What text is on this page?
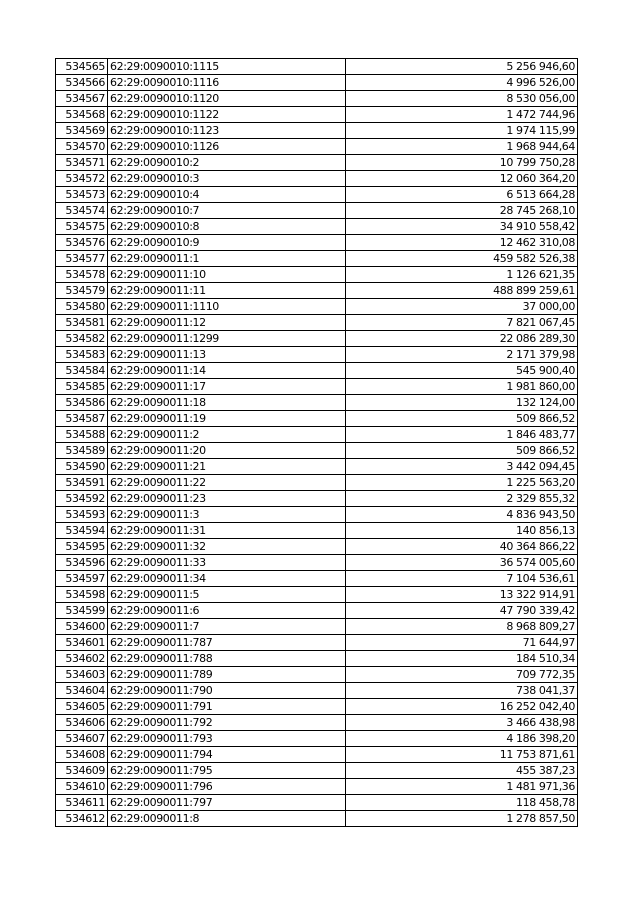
534565	62:29:0090010:1115	5 256 946,60
534566	62:29:0090010:1116	4 996 526,00
534567	62:29:0090010:1120	8 530 056,00
534568	62:29:0090010:1122	1 472 744,96
534569	62:29:0090010:1123	1 974 115,99
534570	62:29:0090010:1126	1 968 944,64
534571	62:29:0090010:2	10 799 750,28
534572	62:29:0090010:3	12 060 364,20
534573	62:29:0090010:4	6 513 664,28
534574	62:29:0090010:7	28 745 268,10
534575	62:29:0090010:8	34 910 558,42
534576	62:29:0090010:9	12 462 310,08
534577	62:29:0090011:1	459 582 526,38
534578	62:29:0090011:10	1 126 621,35
534579	62:29:0090011:11	488 899 259,61
534580	62:29:0090011:1110	37 000,00
534581	62:29:0090011:12	7 821 067,45
534582	62:29:0090011:1299	22 086 289,30
534583	62:29:0090011:13	2 171 379,98
534584	62:29:0090011:14	545 900,40
534585	62:29:0090011:17	1 981 860,00
534586	62:29:0090011:18	132 124,00
534587	62:29:0090011:19	509 866,52
534588	62:29:0090011:2	1 846 483,77
534589	62:29:0090011:20	509 866,52
534590	62:29:0090011:21	3 442 094,45
534591	62:29:0090011:22	1 225 563,20
534592	62:29:0090011:23	2 329 855,32
534593	62:29:0090011:3	4 836 943,50
534594	62:29:0090011:31	140 856,13
534595	62:29:0090011:32	40 364 866,22
534596	62:29:0090011:33	36 574 005,60
534597	62:29:0090011:34	7 104 536,61
534598	62:29:0090011:5	13 322 914,91
534599	62:29:0090011:6	47 790 339,42
534600	62:29:0090011:7	8 968 809,27
534601	62:29:0090011:787	71 644,97
534602	62:29:0090011:788	184 510,34
534603	62:29:0090011:789	709 772,35
534604	62:29:0090011:790	738 041,37
534605	62:29:0090011:791	16 252 042,40
534606	62:29:0090011:792	3 466 438,98
534607	62:29:0090011:793	4 186 398,20
534608	62:29:0090011:794	11 753 871,61
534609	62:29:0090011:795	455 387,23
534610	62:29:0090011:796	1 481 971,36
534611	62:29:0090011:797	118 458,78
534612	62:29:0090011:8	1 278 857,50
